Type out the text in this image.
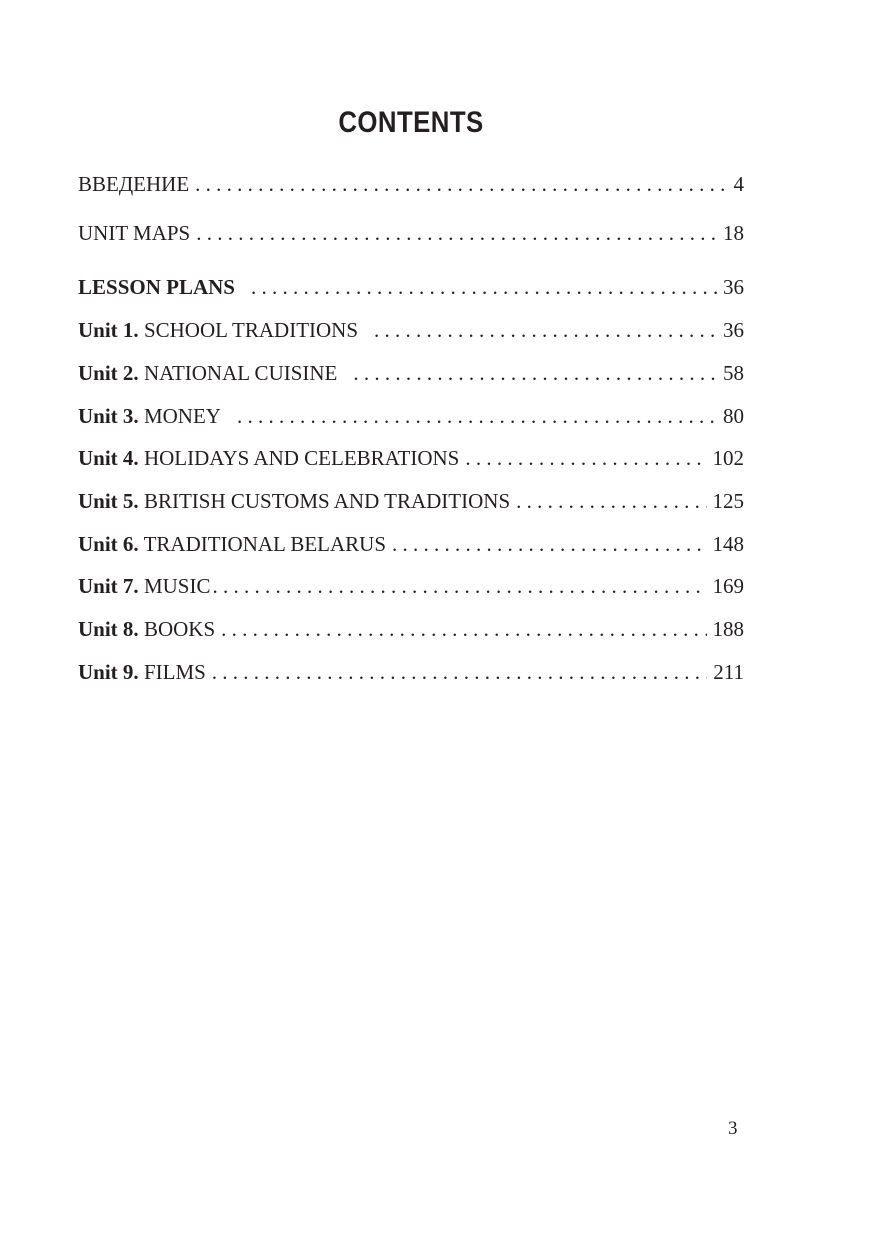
CONTENTS
ВВЕДЕНИЕ . . .	4
UNIT MAPS . . .	18
LESSON PLANS . . .	36
Unit 1. SCHOOL TRADITIONS . . .	36
Unit 2. NATIONAL CUISINE . . .	58
Unit 3. MONEY . . .	80
Unit 4. HOLIDAYS AND CELEBRATIONS . . .	102
Unit 5. BRITISH CUSTOMS AND TRADITIONS . . .	125
Unit 6. TRADITIONAL BELARUS . . .	148
Unit 7. MUSIC . . .	169
Unit 8. BOOKS . . .	188
Unit 9. FILMS . . .	211
3
